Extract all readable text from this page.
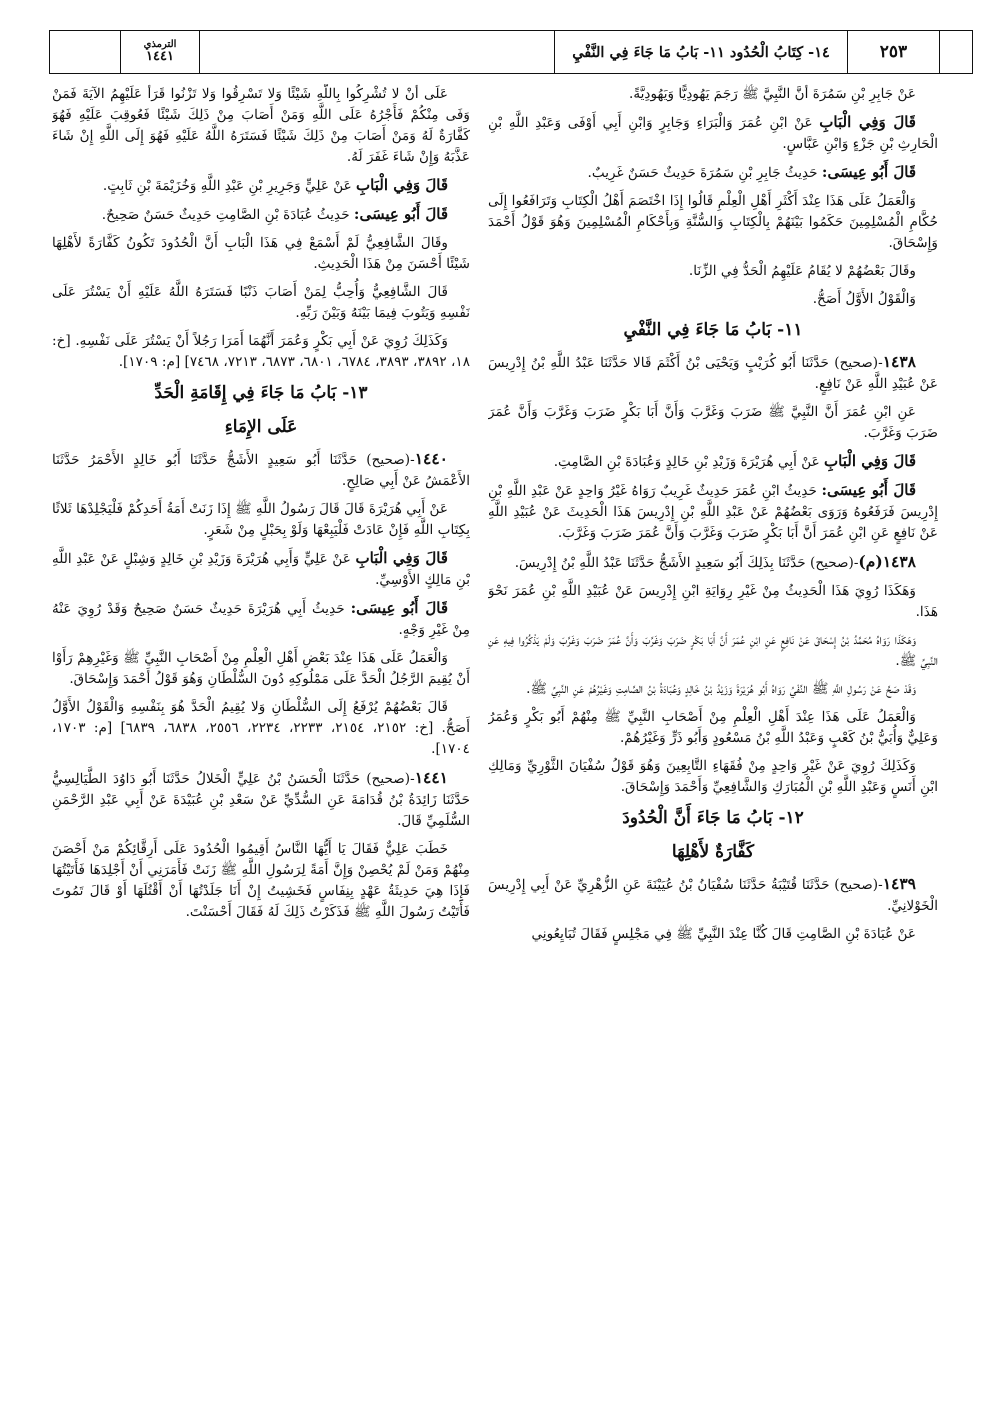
٢٥٣
١٤- كِتَابُ الْحُدُود ١١- بَابُ مَا جَاءَ فِي النَّفْيِ
الترمذي
١٤٤١

عَنْ جَابِرِ بْنِ سَمُرَةَ أَنَّ النَّبِيَّ ﷺ رَجَمَ يَهُودِيًّا وَيَهُودِيَّةً.

قَالَ وَفِي الْبَابِ عَنْ ابْنِ عُمَرَ وَالْبَرَاءِ وَجَابِرٍ وَابْنِ أَبِي أَوْفَى وَعَبْدِ اللَّهِ بْنِ الْحَارِثِ بْنِ جَزْءٍ وَابْنِ عَبَّاسٍ.

قَالَ أَبُو عِيسَى: حَدِيثُ جَابِرِ بْنِ سَمُرَةَ حَدِيثٌ حَسَنٌ غَرِيبٌ.

وَالْعَمَلُ عَلَى هَذَا عِنْدَ أَكْثَرِ أَهْلِ الْعِلْمِ قَالُوا إِذَا اخْتَصَمَ أَهْلُ الْكِتَابِ وَتَرَافَعُوا إِلَى حُكَّامِ الْمُسْلِمِينَ حَكَمُوا بَيْنَهُمْ بِالْكِتَابِ وَالسُّنَّةِ وَبِأَحْكَامِ الْمُسْلِمِينَ وَهُوَ قَوْلُ أَحْمَدَ وَإِسْحَاقَ.

وقَالَ بَعْضُهُمْ لا يُقَامُ عَلَيْهِمُ الْحَدُّ فِي الزِّنَا.

وَالْقَوْلُ الأَوَّلُ أَصَحُّ.

١١- بَابُ مَا جَاءَ فِي النَّفْيِ

١٤٣٨-(صحيح) حَدَّثَنَا أَبُو كُرَيْبٍ وَيَحْيَى بْنُ أَكْثَمَ قَالا حَدَّثَنَا عَبْدُ اللَّهِ بْنُ إِدْرِيسَ عَنْ عُبَيْدِ اللَّهِ عَنْ نَافِعٍ.

عَنِ ابْنِ عُمَرَ أَنَّ النَّبِيَّ ﷺ ضَرَبَ وَغَرَّبَ وَأَنَّ أَبَا بَكْرٍ ضَرَبَ وَغَرَّبَ وَأَنَّ عُمَرَ ضَرَبَ وَغَرَّبَ.

قَالَ وَفِي الْبَابِ عَنْ أَبِي هُرَيْرَةَ وَزَيْدِ بْنِ خَالِدٍ وَعُبَادَةَ بْنِ الصَّامِتِ.

قَالَ أَبُو عِيسَى: حَدِيثُ ابْنِ عُمَرَ حَدِيثٌ غَرِيبٌ رَوَاهُ غَيْرُ وَاحِدٍ عَنْ عَبْدِ اللَّهِ بْنِ إِدْرِيسَ فَرَفَعُوهُ وَرَوَى بَعْضُهُمْ عَنْ عَبْدِ اللَّهِ بْنِ إِدْرِيسَ هَذَا الْحَدِيثَ عَنْ عُبَيْدِ اللَّهِ عَنْ نَافِعٍ عَنِ ابْنِ عُمَرَ أَنَّ أَبَا بَكْرٍ ضَرَبَ وَغَرَّبَ وَأَنَّ عُمَرَ ضَرَبَ وَغَرَّبَ.

١٤٣٨(م)-(صحيح) حَدَّثَنَا بِذَلِكَ أَبُو سَعِيدٍ الأَشَجُّ حَدَّثَنَا عَبْدُ اللَّهِ بْنُ إِدْرِيسَ.

وَهَكَذَا رُوِيَ هَذَا الْحَدِيثُ مِنْ غَيْرِ رِوَايَةِ ابْنِ إِدْرِيسَ عَنْ عُبَيْدِ اللَّهِ بْنِ عُمَرَ نَحْوَ هَذَا.

وَهَكَذَا رَوَاهُ مُحَمَّدُ بْنُ إِسْحَاقَ عَنْ نَافِعٍ عَنِ ابْنِ عُمَرَ أَنَّ أَبَا بَكْرٍ ضَرَبَ وَغَرَّبَ وَأَنَّ عُمَرَ ضَرَبَ وَغَرَّبَ وَلَمْ يَذْكُرُوا فِيهِ عَنِ النَّبِيِّ ﷺ.

وَقَدْ صَحَّ عَنْ رَسُولِ اللَّهِ ﷺ النَّفْيُ رَوَاهُ أَبُو هُرَيْرَةَ وَزَيْدُ بْنُ خَالِدٍ وَعُبَادَةُ بْنُ الصَّامِتِ وَغَيْرُهُمْ عَنِ النَّبِيِّ ﷺ.

وَالْعَمَلُ عَلَى هَذَا عِنْدَ أَهْلِ الْعِلْمِ مِنْ أَصْحَابِ النَّبِيِّ ﷺ مِنْهُمْ أَبُو بَكْرٍ وَعُمَرُ وَعَلِيٌّ وَأُبَيُّ بْنُ كَعْبٍ وَعَبْدُ اللَّهِ بْنُ مَسْعُودٍ وَأَبُو ذَرٍّ وَغَيْرُهُمْ.

وَكَذَلِكَ رُوِيَ عَنْ غَيْرِ وَاحِدٍ مِنْ فُقَهَاءِ التَّابِعِينَ وَهُوَ قَوْلُ سُفْيَانَ الثَّوْرِيِّ وَمَالِكِ ابْنِ أَنَسٍ وَعَبْدِ اللَّهِ بْنِ الْمُبَارَكِ وَالشَّافِعِيِّ وَأَحْمَدَ وَإِسْحَاقَ.

١٢- بَابُ مَا جَاءَ أَنَّ الْحُدُودَ
كَفَّارَةٌ لأَهْلِهَا

١٤٣٩-(صحيح) حَدَّثَنَا قُتَيْبَةُ حَدَّثَنَا سُفْيَانُ بْنُ عُيَيْنَةَ عَنِ الزُّهْرِيِّ عَنْ أَبِي إِدْرِيسَ الْخَوْلانِيِّ.

عَنْ عُبَادَةَ بْنِ الصَّامِتِ قَالَ كُنَّا عِنْدَ النَّبِيِّ ﷺ فِي مَجْلِسٍ فَقَالَ تُبَايِعُونِي

عَلَى أَنْ لا تُشْرِكُوا بِاللَّهِ شَيْئًا وَلا تَسْرِقُوا وَلا تَزْنُوا قَرَأَ عَلَيْهِمُ الآيَةَ فَمَنْ وَفَى مِنْكُمْ فَأَجْرُهُ عَلَى اللَّهِ وَمَنْ أَصَابَ مِنْ ذَلِكَ شَيْئًا فَعُوقِبَ عَلَيْهِ فَهُوَ كَفَّارَةٌ لَهُ وَمَنْ أَصَابَ مِنْ ذَلِكَ شَيْئًا فَسَتَرَهُ اللَّهُ عَلَيْهِ فَهُوَ إِلَى اللَّهِ إِنْ شَاءَ عَذَّبَهُ وَإِنْ شَاءَ غَفَرَ لَهُ.

قَالَ وَفِي الْبَابِ عَنْ عَلِيٍّ وَجَرِيرِ بْنِ عَبْدِ اللَّهِ وَخُزَيْمَةَ بْنِ ثَابِتٍ.

قَالَ أَبُو عِيسَى: حَدِيثُ عُبَادَةَ بْنِ الصَّامِتِ حَدِيثٌ حَسَنٌ صَحِيحٌ.

وقَالَ الشَّافِعِيُّ لَمْ أَسْمَعْ فِي هَذَا الْبَابِ أَنَّ الْحُدُودَ تَكُونُ كَفَّارَةً لأَهْلِهَا شَيْئًا أَحْسَنَ مِنْ هَذَا الْحَدِيثِ.

قَالَ الشَّافِعِيُّ وَأُحِبُّ لِمَنْ أَصَابَ ذَنْبًا فَسَتَرَهُ اللَّهُ عَلَيْهِ أَنْ يَسْتُرَ عَلَى نَفْسِهِ وَيَتُوبَ فِيمَا بَيْنَهُ وَبَيْنَ رَبِّهِ.

وَكَذَلِكَ رُوِيَ عَنْ أَبِي بَكْرٍ وَعُمَرَ أَنَّهُمَا أَمَرَا رَجُلاً أَنْ يَسْتُرَ عَلَى نَفْسِهِ. [خ: ١٨، ٣٨٩٢، ٣٨٩٣، ٦٧٨٤، ٦٨٠١، ٦٨٧٣، ٧٢١٣، ٧٤٦٨] [م: ١٧٠٩].

١٣- بَابُ مَا جَاءَ فِي إِقَامَةِ الْحَدِّ
عَلَى الإِمَاءِ

١٤٤٠-(صحيح) حَدَّثَنَا أَبُو سَعِيدٍ الأَشَجُّ حَدَّثَنَا أَبُو خَالِدٍ الأَحْمَرُ حَدَّثَنَا الأَعْمَشُ عَنْ أَبِي صَالِحٍ.

عَنْ أَبِي هُرَيْرَةَ قَالَ قَالَ رَسُولُ اللَّهِ ﷺ إِذَا زَنَتْ أَمَةُ أَحَدِكُمْ فَلْيَجْلِدْهَا ثَلاثًا بِكِتَابِ اللَّهِ فَإِنْ عَادَتْ فَلْيَبِعْهَا وَلَوْ بِحَبْلٍ مِنْ شَعَرٍ.

قَالَ وَفِي الْبَابِ عَنْ عَلِيٍّ وَأَبِي هُرَيْرَةَ وَزَيْدِ بْنِ خَالِدٍ وَشِبْلٍ عَنْ عَبْدِ اللَّهِ بْنِ مَالِكٍ الأَوْسِيِّ.

قَالَ أَبُو عِيسَى: حَدِيثُ أَبِي هُرَيْرَةَ حَدِيثٌ حَسَنٌ صَحِيحٌ وَقَدْ رُوِيَ عَنْهُ مِنْ غَيْرِ وَجْهٍ.

وَالْعَمَلُ عَلَى هَذَا عِنْدَ بَعْضِ أَهْلِ الْعِلْمِ مِنْ أَصْحَابِ النَّبِيِّ ﷺ وَغَيْرِهِمْ رَأَوْا أَنْ يُقِيمَ الرَّجُلُ الْحَدَّ عَلَى مَمْلُوكِهِ دُونَ السُّلْطَانِ وَهُوَ قَوْلُ أَحْمَدَ وَإِسْحَاقَ.

قَالَ بَعْضُهُمْ يُرْفَعُ إِلَى السُّلْطَانِ وَلا يُقِيمُ الْحَدَّ هُوَ بِنَفْسِهِ وَالْقَوْلُ الأَوَّلُ أَصَحُّ. [خ: ٢١٥٢، ٢١٥٤، ٢٢٣٣، ٢٢٣٤، ٢٥٥٦، ٦٨٣٨، ٦٨٣٩] [م: ١٧٠٣، ١٧٠٤].

١٤٤١-(صحيح) حَدَّثَنَا الْحَسَنُ بْنُ عَلِيٍّ الْخَلالُ حَدَّثَنَا أَبُو دَاوُدَ الطَّيَالِسِيُّ حَدَّثَنَا زَائِدَةُ بْنُ قُدَامَةَ عَنِ السُّدِّيِّ عَنْ سَعْدِ بْنِ عُبَيْدَةَ عَنْ أَبِي عَبْدِ الرَّحْمَنِ السُّلَمِيِّ قَالَ.

خَطَبَ عَلِيٌّ فَقَالَ يَا أَيُّهَا النَّاسُ أَقِيمُوا الْحُدُودَ عَلَى أَرِقَّائِكُمْ مَنْ أَحْصَنَ مِنْهُمْ وَمَنْ لَمْ يُحْصِنْ وَإِنَّ أَمَةً لِرَسُولِ اللَّهِ ﷺ زَنَتْ فَأَمَرَنِي أَنْ أَجْلِدَهَا فَأَتَيْتُهَا فَإِذَا هِيَ حَدِيثَةُ عَهْدٍ بِنِفَاسٍ فَخَشِيتُ إِنْ أَنَا جَلَدْتُهَا أَنْ أَقْتُلَهَا أَوْ قَالَ تَمُوتَ فَأَتَيْتُ رَسُولَ اللَّهِ ﷺ فَذَكَرْتُ ذَلِكَ لَهُ فَقَالَ أَحْسَنْتَ.
